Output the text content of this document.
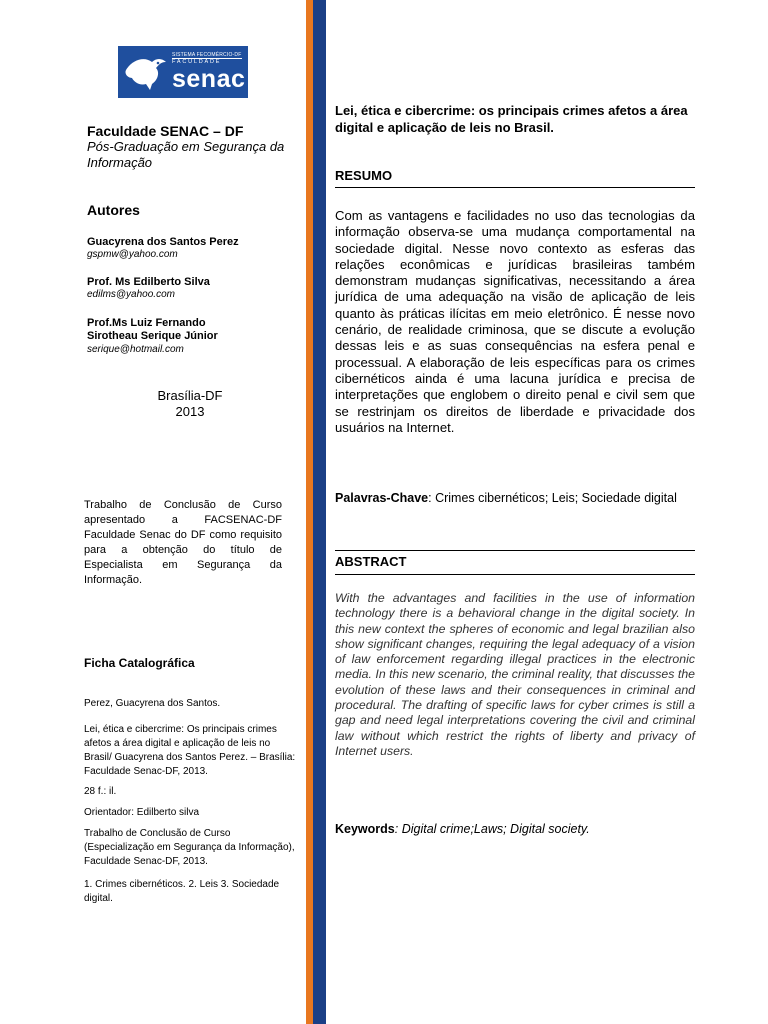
SISTEMA FECOMÉRCIO-DF
FACULDADE
senac
Faculdade SENAC – DF
Pós-Graduação em Segurança da Informação
Autores
Guacyrena dos Santos Perez
gspmw@yahoo.com
Prof. Ms Edilberto Silva
edilms@yahoo.com
Prof.Ms Luiz Fernando Sirotheau Serique Júnior
serique@hotmail.com
Brasília-DF
2013
Trabalho de Conclusão de Curso apresentado a FACSENAC-DF Faculdade Senac do DF como requisito para a obtenção do título de Especialista em Segurança da Informação.
Ficha Catalográfica
Perez, Guacyrena dos Santos.
Lei, ética e cibercrime: Os principais crimes afetos a área digital e aplicação de leis no Brasil/ Guacyrena dos Santos Perez. – Brasília: Faculdade Senac-DF, 2013.
28 f.: il.
Orientador: Edilberto silva
Trabalho de Conclusão de Curso (Especialização em Segurança da Informação), Faculdade Senac-DF, 2013.
1. Crimes cibernéticos. 2. Leis 3. Sociedade digital.
Lei, ética e cibercrime: os principais crimes afetos a área digital e aplicação de leis no Brasil.
RESUMO
Com as vantagens e facilidades no uso das tecnologias da informação observa-se uma mudança comportamental na sociedade digital. Nesse novo contexto as esferas das relações econômicas e jurídicas brasileiras também demonstram mudanças significativas, necessitando a área jurídica de uma adequação na visão de aplicação de leis quanto às práticas ilícitas em meio eletrônico. É nesse novo cenário, de realidade criminosa, que se discute a evolução dessas leis e as suas consequências na esfera penal e processual. A elaboração de leis específicas para os crimes cibernéticos ainda é uma lacuna jurídica e precisa de interpretações que englobem o direito penal e civil sem que se restrinjam os direitos de liberdade e privacidade dos usuários na Internet.
Palavras-Chave: Crimes cibernéticos; Leis; Sociedade digital
ABSTRACT
With the advantages and facilities in the use of information technology there is a behavioral change in the digital society. In this new context the spheres of economic and legal brazilian also show significant changes, requiring the legal adequacy of a vision of law enforcement regarding illegal practices in the electronic media. In this new scenario, the criminal reality, that discusses the evolution of these laws and their consequences in criminal and procedural. The drafting of specific laws for cyber crimes is still a gap and need legal interpretations covering the civil and criminal law without which restrict the rights of liberty and privacy of Internet users.
Keywords: Digital crime;Laws; Digital society.
